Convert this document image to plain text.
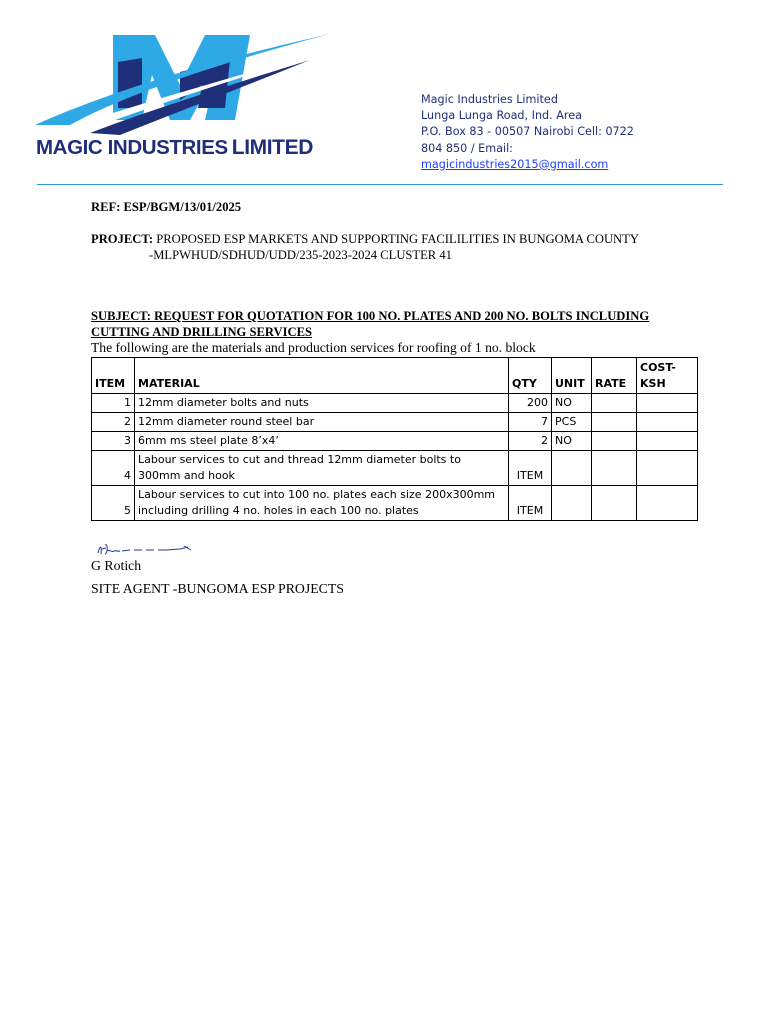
MAGIC INDUSTRIES LIMITED
Magic Industries Limited
Lunga Lunga Road, Ind. Area
P.O. Box 83 - 00507 Nairobi Cell: 0722
804 850 / Email:
magicindustries2015@gmail.com
REF: ESP/BGM/13/01/2025
PROJECT: PROPOSED ESP MARKETS AND SUPPORTING FACILILITIES IN BUNGOMA COUNTY
-MLPWHUD/SDHUD/UDD/235-2023-2024 CLUSTER 41
SUBJECT: REQUEST FOR QUOTATION FOR 100 NO. PLATES AND 200 NO. BOLTS INCLUDING CUTTING AND DRILLING SERVICES
The following are the materials and production services for roofing of 1 no. block
ITEM	MATERIAL	QTY	UNIT	RATE	COST-
KSH

1	12mm diameter bolts and nuts	200	NO		
2	12mm diameter round steel bar	7	PCS		
3	6mm ms steel plate 8’x4’	2	NO		
4	Labour services to cut and thread 12mm diameter bolts to
300mm and hook	ITEM			
5	Labour services to cut into 100 no. plates each size 200x300mm
including drilling 4 no. holes in each 100 no. plates	ITEM			
G Rotich
SITE AGENT -BUNGOMA ESP PROJECTS
